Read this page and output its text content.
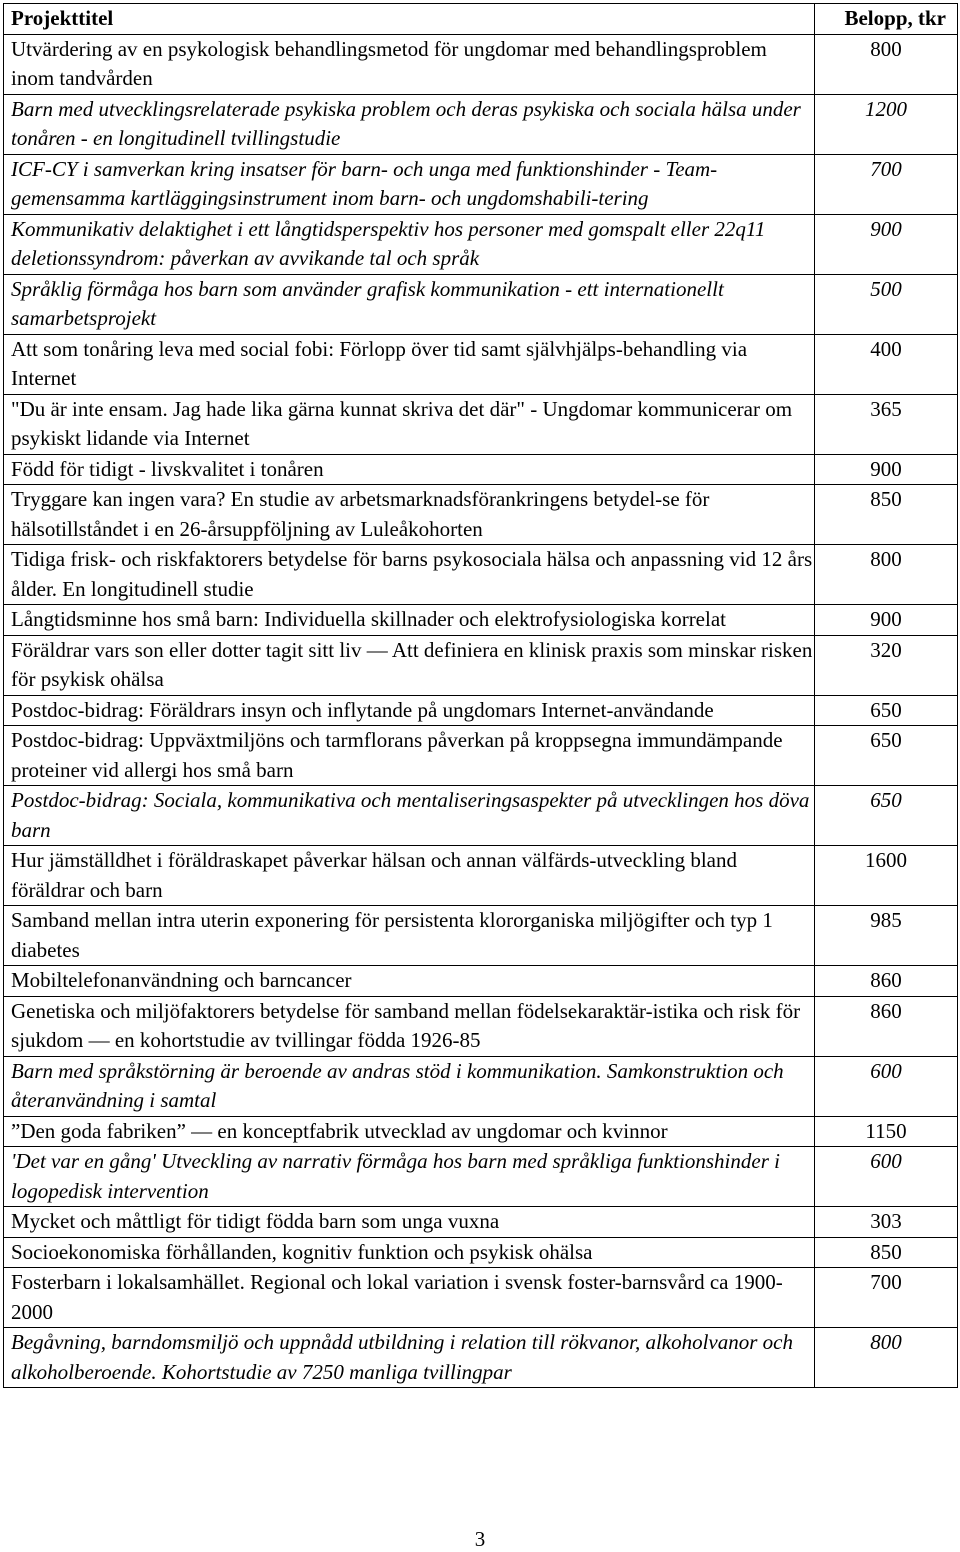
Projekttitel	Belopp, tkr
Utvärdering av en psykologisk behandlingsmetod för ungdomar med behandlingsproblem inom tandvården	800
Barn med utvecklingsrelaterade psykiska problem och deras psykiska och sociala hälsa under tonåren - en longitudinell tvillingstudie	1200
ICF-CY i samverkan kring insatser för barn- och unga med funktionshinder - Team-gemensamma kartläggingsinstrument inom barn- och ungdomshabili-tering	700
Kommunikativ delaktighet i ett långtidsperspektiv hos personer med gomspalt eller 22q11 deletionssyndrom: påverkan av avvikande tal och språk	900
Språklig förmåga hos barn som använder grafisk kommunikation - ett internationellt samarbetsprojekt	500
Att som tonåring leva med social fobi: Förlopp över tid samt självhjälps-behandling via Internet	400
"Du är inte ensam. Jag hade lika gärna kunnat skriva det där" - Ungdomar kommunicerar om psykiskt lidande via Internet	365
Född för tidigt - livskvalitet i tonåren	900
Tryggare kan ingen vara? En studie av arbetsmarknadsförankringens betydel-se för hälsotillståndet i en 26-årsuppföljning av Luleåkohorten	850
Tidiga frisk- och riskfaktorers betydelse för barns psykosociala hälsa och anpassning vid 12 års ålder. En longitudinell studie	800
Långtidsminne hos små barn: Individuella skillnader och elektrofysiologiska korrelat	900
Föräldrar vars son eller dotter tagit sitt liv — Att definiera en klinisk praxis som minskar risken för psykisk ohälsa	320
Postdoc-bidrag: Föräldrars insyn och inflytande på ungdomars Internet-användande	650
Postdoc-bidrag: Uppväxtmiljöns och tarmflorans påverkan på kroppsegna immundämpande proteiner vid allergi hos små barn	650
Postdoc-bidrag: Sociala, kommunikativa och mentaliseringsaspekter på utvecklingen hos döva barn	650
Hur jämställdhet i föräldraskapet påverkar hälsan och annan välfärds-utveckling bland föräldrar och barn	1600
Samband mellan intra uterin exponering för persistenta klororganiska miljögifter och typ 1 diabetes	985
Mobiltelefonanvändning och barncancer	860
Genetiska och miljöfaktorers betydelse för samband mellan födelsekaraktär-istika och risk för sjukdom — en kohortstudie av tvillingar födda 1926-85	860
Barn med språkstörning är beroende av andras stöd i kommunikation. Samkonstruktion och återanvändning i samtal	600
”Den goda fabriken” — en konceptfabrik utvecklad av ungdomar och kvinnor	1150
'Det var en gång' Utveckling av narrativ förmåga hos barn med språkliga funktionshinder i logopedisk intervention	600
Mycket och måttligt för tidigt födda barn som unga vuxna	303
Socioekonomiska förhållanden, kognitiv funktion och psykisk ohälsa	850
Fosterbarn i lokalsamhället. Regional och lokal variation i svensk foster-barnsvård ca 1900-2000	700
Begåvning, barndomsmiljö och uppnådd utbildning i relation till rökvanor, alkoholvanor och alkoholberoende. Kohortstudie av 7250 manliga tvillingpar	800
3
